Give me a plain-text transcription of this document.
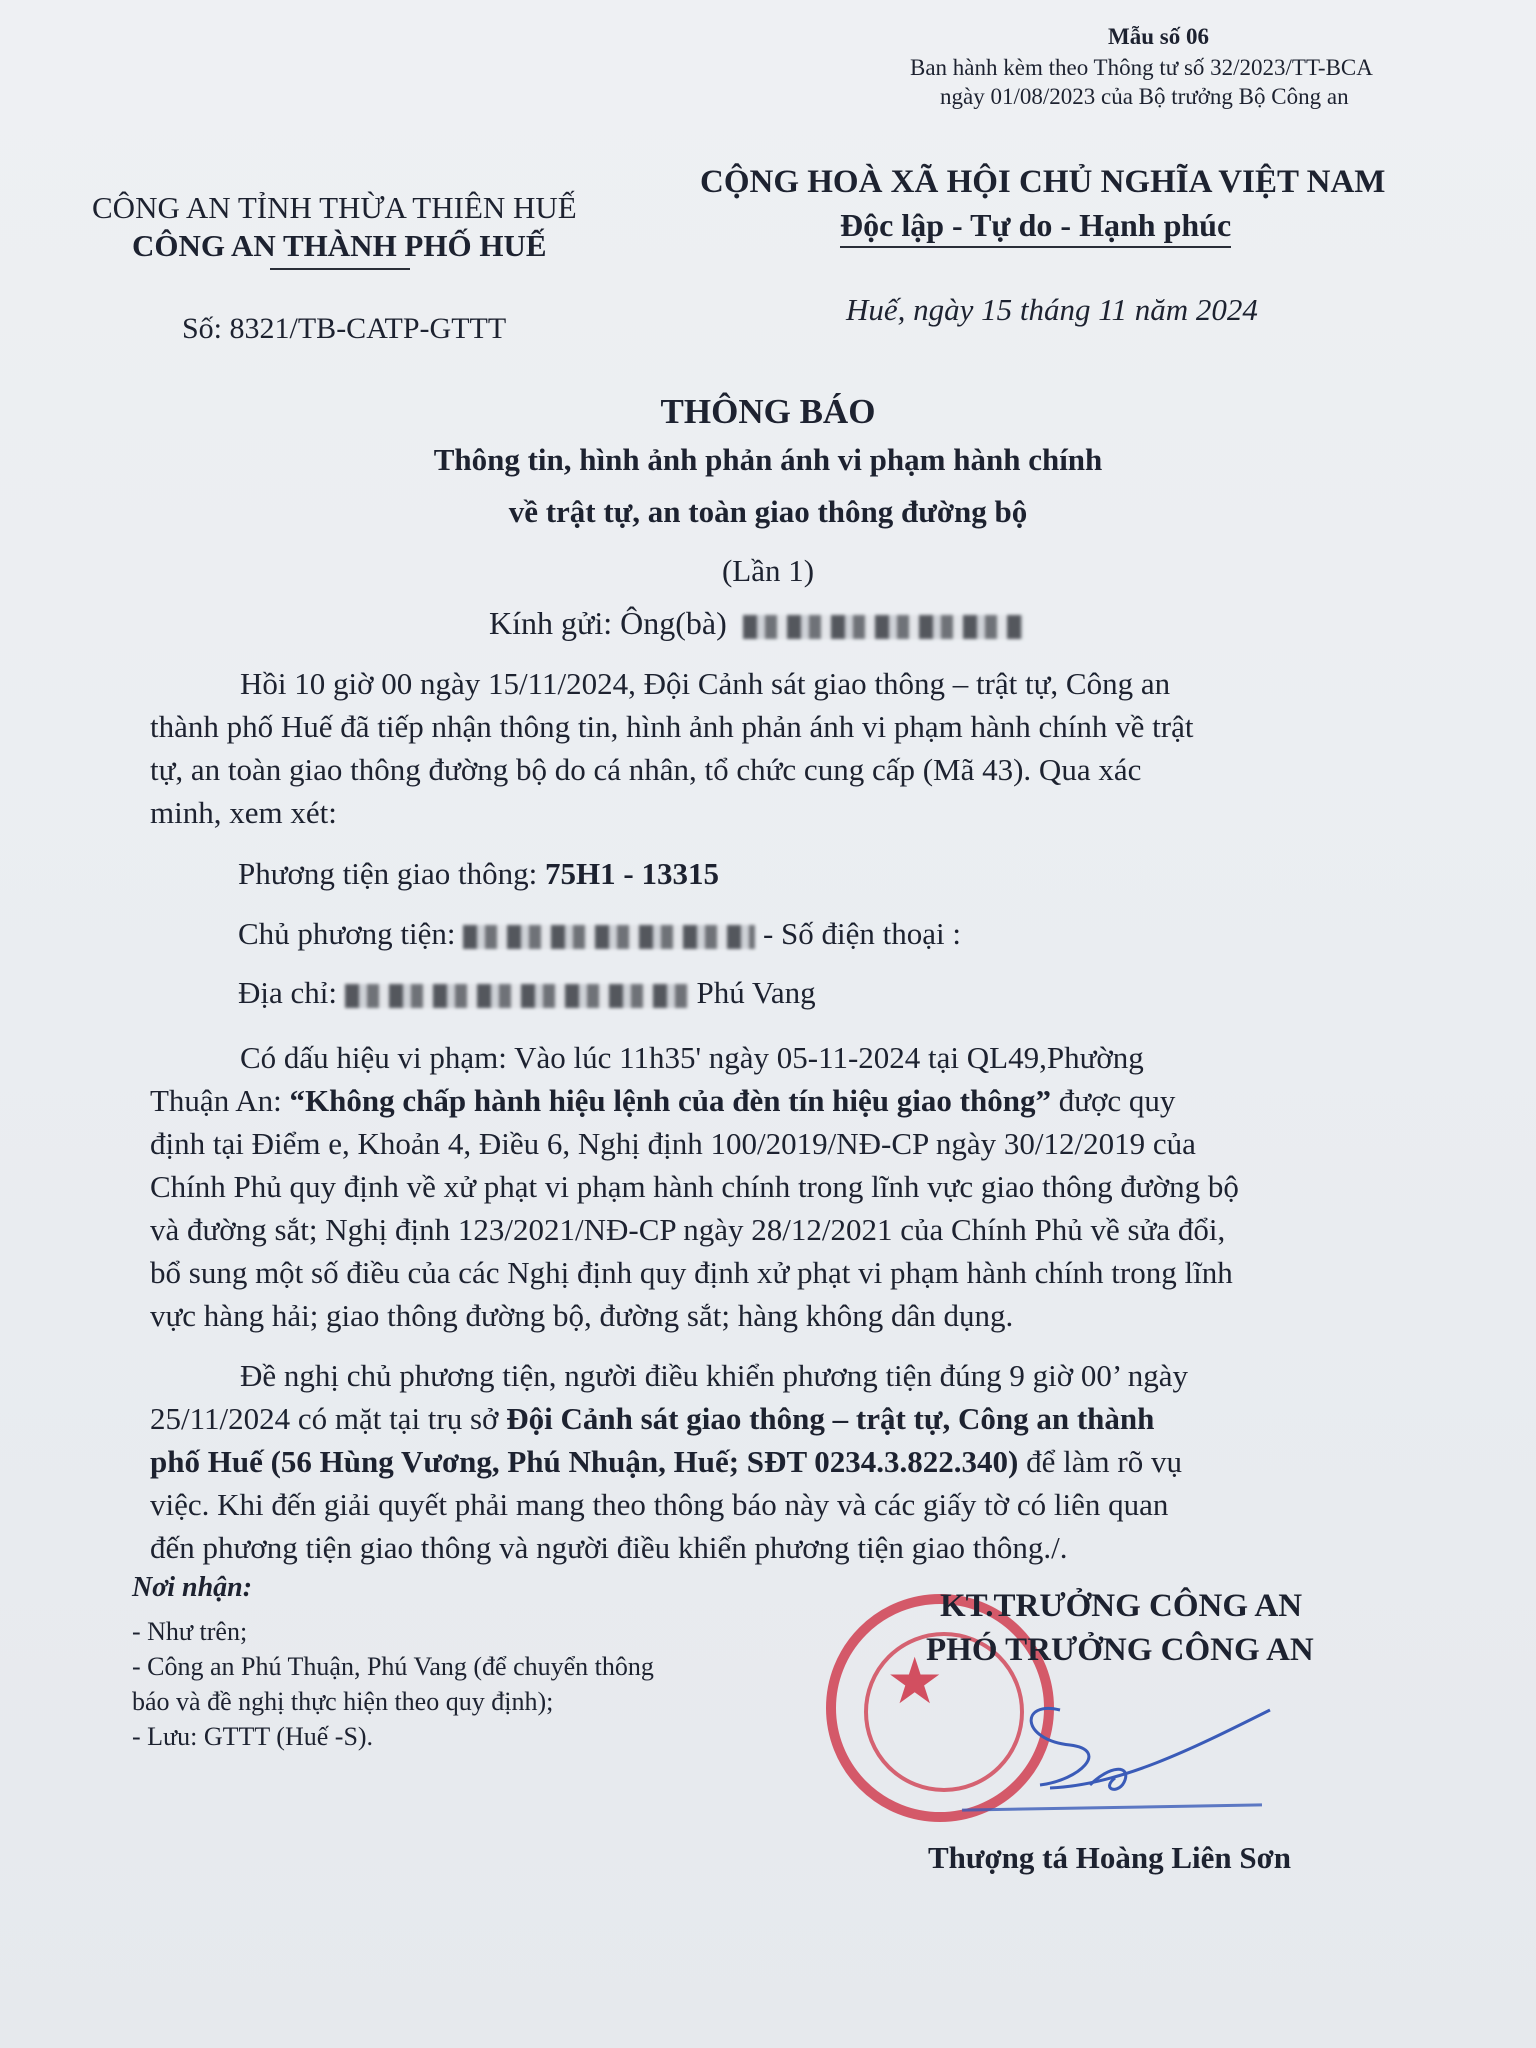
Mẫu số 06
Ban hành kèm theo Thông tư số 32/2023/TT-BCA
ngày 01/08/2023 của Bộ trưởng Bộ Công an
CÔNG AN TỈNH THỪA THIÊN HUẾ
CÔNG AN THÀNH PHỐ HUẾ
Số: 8321/TB-CATP-GTTT
CỘNG HOÀ XÃ HỘI CHỦ NGHĨA VIỆT NAM
Độc lập - Tự do - Hạnh phúc
Huế, ngày 15 tháng 11 năm 2024
THÔNG BÁO
Thông tin, hình ảnh phản ánh vi phạm hành chính
về trật tự, an toàn giao thông đường bộ
(Lần 1)
Kính gửi: Ông(bà)
Hồi 10 giờ 00 ngày 15/11/2024, Đội Cảnh sát giao thông – trật tự, Công an
thành phố Huế đã tiếp nhận thông tin, hình ảnh phản ánh vi phạm hành chính về trật
tự, an toàn giao thông đường bộ do cá nhân, tổ chức cung cấp (Mã 43). Qua xác
minh, xem xét:
Phương tiện giao thông: 75H1 - 13315
Chủ phương tiện:	- Số điện thoại :
Địa chỉ:	Phú Vang
Có dấu hiệu vi phạm: Vào lúc 11h35' ngày 05-11-2024 tại QL49,Phường
Thuận An: “Không chấp hành hiệu lệnh của đèn tín hiệu giao thông” được quy
định tại Điểm e, Khoản 4, Điều 6, Nghị định 100/2019/NĐ-CP ngày 30/12/2019 của
Chính Phủ quy định về xử phạt vi phạm hành chính trong lĩnh vực giao thông đường bộ
và đường sắt; Nghị định 123/2021/NĐ-CP ngày 28/12/2021 của Chính Phủ về sửa đổi,
bổ sung một số điều của các Nghị định quy định xử phạt vi phạm hành chính trong lĩnh
vực hàng hải; giao thông đường bộ, đường sắt; hàng không dân dụng.
Đề nghị chủ phương tiện, người điều khiển phương tiện đúng 9 giờ 00’ ngày
25/11/2024 có mặt tại trụ sở Đội Cảnh sát giao thông – trật tự, Công an thành
phố Huế (56 Hùng Vương, Phú Nhuận, Huế; SĐT 0234.3.822.340) để làm rõ vụ
việc. Khi đến giải quyết phải mang theo thông báo này và các giấy tờ có liên quan
đến phương tiện giao thông và người điều khiển phương tiện giao thông./.
Nơi nhận:
- Như trên;
- Công an Phú Thuận, Phú Vang (để chuyển thông
báo và đề nghị thực hiện theo quy định);
- Lưu: GTTT (Huế -S).
★
KT.TRƯỞNG CÔNG AN
PHÓ TRƯỞNG CÔNG AN
Thượng tá Hoàng Liên Sơn
